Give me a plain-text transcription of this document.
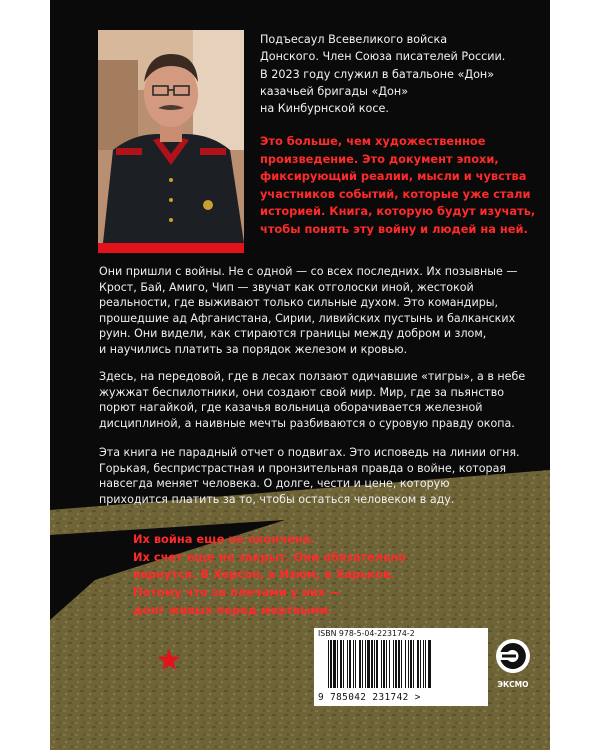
Подъесаул Всевеликого войска
Донского. Член Союза писателей России.
В 2023 году служил в батальоне «Дон»
казачьей бригады «Дон»
на Кинбурнской косе.
Это больше, чем художественное
произведение. Это документ эпохи,
фиксирующий реалии, мысли и чувства
участников событий, которые уже стали
историей. Книга, которую будут изучать,
чтобы понять эту войну и людей на ней.
Они пришли с войны. Не с одной — со всех последних. Их позывные —
Крост, Бай, Амиго, Чип — звучат как отголоски иной, жестокой
реальности, где выживают только сильные духом. Это командиры,
прошедшие ад Афганистана, Сирии, ливийских пустынь и балканских
руин. Они видели, как стираются границы между добром и злом,
и научились платить за порядок железом и кровью.
Здесь, на передовой, где в лесах ползают одичавшие «тигры», а в небе
жужжат беспилотники, они создают свой мир. Мир, где за пьянство
порют нагайкой, где казачья вольница оборачивается железной
дисциплиной, а наивные мечты разбиваются о суровую правду окопа.
Эта книга не парадный отчет о подвигах. Это исповедь на линии огня.
Горькая, беспристрастная и пронзительная правда о войне, которая
навсегда меняет человека. О долге, чести и цене, которую
приходится платить за то, чтобы остаться человеком в аду.
Их война еще не окончена.
Их счет еще не закрыт. Они обязательно
вернутся. В Херсон, в Изюм, в Харьков.
Потому что за плечами у них —
долг живых перед мертвыми.
ISBN 978-5-04-223174-2
9 785042 231742 >
ЭКСМО
